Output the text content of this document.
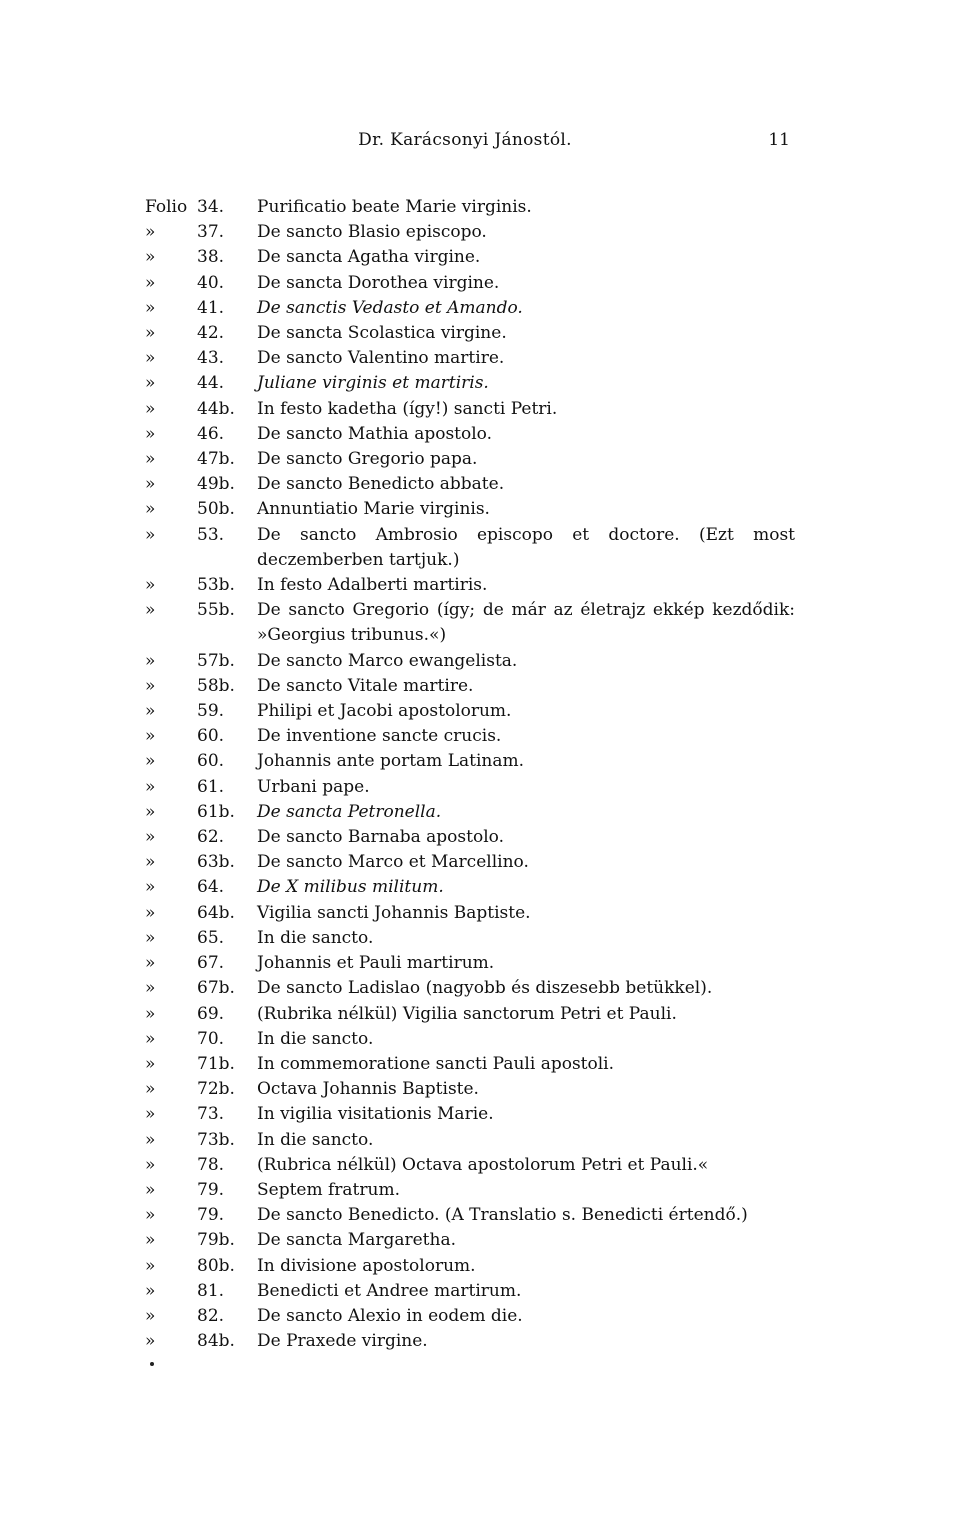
Dr. Karácsonyi Jánostól.	11
Folio 34.	Purificatio beate Marie virginis.
»	37.	De sancto Blasio episcopo.
»	38.	De sancta Agatha virgine.
»	40.	De sancta Dorothea virgine.
»	41.	De sanctis Vedasto et Amando.
»	42.	De sancta Scolastica virgine.
»	43.	De sancto Valentino martire.
»	44.	Juliane virginis et martiris.
»	44b.	In festo kadetha (így!) sancti Petri.
»	46.	De sancto Mathia apostolo.
»	47b.	De sancto Gregorio papa.
»	49b.	De sancto Benedicto abbate.
»	50b.	Annuntiatio Marie virginis.
»	53.	De sancto Ambrosio episcopo et doctore. (Ezt most deczemberben tartjuk.)
»	53b.	In festo Adalberti martiris.
»	55b.	De sancto Gregorio (így; de már az életrajz ekkép kezdődik: »Georgius tribunus.«)
»	57b.	De sancto Marco ewangelista.
»	58b.	De sancto Vitale martire.
»	59.	Philipi et Jacobi apostolorum.
»	60.	De inventione sancte crucis.
»	60.	Johannis ante portam Latinam.
»	61.	Urbani pape.
»	61b.	De sancta Petronella.
»	62.	De sancto Barnaba apostolo.
»	63b.	De sancto Marco et Marcellino.
»	64.	De X milibus militum.
»	64b.	Vigilia sancti Johannis Baptiste.
»	65.	In die sancto.
»	67.	Johannis et Pauli martirum.
»	67b.	De sancto Ladislao (nagyobb és diszesebb betükkel).
»	69.	(Rubrika nélkül) Vigilia sanctorum Petri et Pauli.
»	70.	In die sancto.
»	71b.	In commemoratione sancti Pauli apostoli.
»	72b.	Octava Johannis Baptiste.
»	73.	In vigilia visitationis Marie.
»	73b.	In die sancto.
»	78.	(Rubrica nélkül) Octava apostolorum Petri et Pauli.«
»	79.	Septem fratrum.
»	79.	De sancto Benedicto. (A Translatio s. Benedicti értendő.)
»	79b.	De sancta Margaretha.
»	80b.	In divisione apostolorum.
»	81.	Benedicti et Andree martirum.
»	82.	De sancto Alexio in eodem die.
»	84b.	De Praxede virgine.
